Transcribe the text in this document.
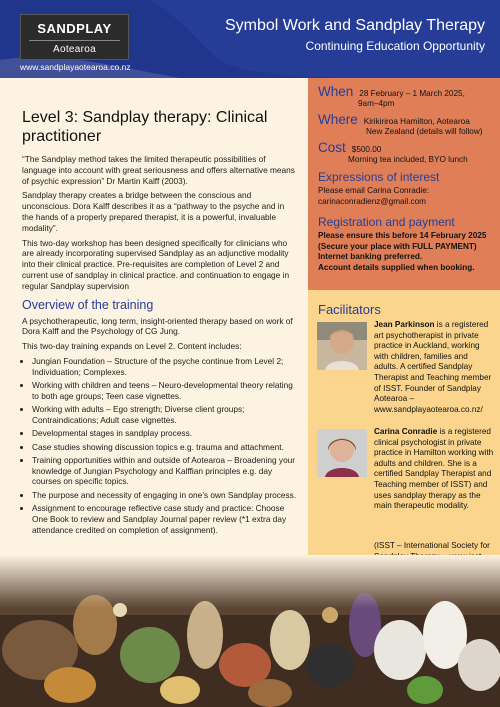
SANDPLAY
Aotearoa
www.sandplayaotearoa.co.nz
Symbol Work and Sandplay Therapy
Continuing Education Opportunity
Level 3: Sandplay therapy: Clinical practitioner

“The Sandplay method takes the limited therapeutic possibilities of language into account with great seriousness and offers alternative means of psychic expression” Dr Martin Kalff (2003).

Sandplay therapy creates a bridge between the conscious and unconscious. Dora Kalff describes it as a “pathway to the psyche and in the hands of a properly prepared therapist, it is a powerful, invaluable modality”.

This two-day workshop has been designed specifically for clinicians who are already incorporating supervised Sandplay as an adjunctive modality into their clinical practice. Pre-requisites are completion of Level 2 and current use of sandplay in clinical practice. and continuation to engage in regular Sandplay supervision

Overview of the training

A psychotherapeutic, long term, insight-oriented therapy based on work of Dora Kalff and the Psychology of CG Jung.

This two-day training expands on Level 2. Content includes:

• Jungian Foundation – Structure of the psyche continue from Level 2; Individuation; Complexes.
• Working with children and teens – Neuro-developmental theory relating to both age groups; Teen case vignettes.
• Working with adults – Ego strength; Diverse client groups; Contraindications; Adult case vignettes.
• Developmental stages in sandplay process.
• Case studies showing discussion topics e.g. trauma and attachment.
• Training opportunities within and outside of Aotearoa – Broadening your knowledge of Jungian Psychology and Kalffian principles e.g. day courses on specific topics.
• The purpose and necessity of engaging in one’s own Sandplay process.
• Assignment to encourage reflective case study and practice: Choose One Book to review and Sandplay Journal paper review (*1 extra day attendance credited on completion of assignment).
When 28 February – 1 March 2025,
9am–4pm
Where Kirikiriroa Hamilton, Aotearoa
New Zealand (details will follow)
Cost $500.00
Morning tea included, BYO lunch
Expressions of interest
Please email Carina Conradie:
carinaconradienz@gmail.com
Registration and payment
Please ensure this before 14 February 2025
(Secure your place with FULL PAYMENT)
Internet banking preferred.
Account details supplied when booking.
Facilitators
Jean Parkinson is a registered art psychotherapist in private practice in Auckland, working with children, families and adults. A certified Sandplay Therapist and Teaching member of ISST. Founder of Sandplay Aotearoa – www.sandplayaotearoa.co.nz/
Carina Conradie is a registered clinical psychologist in private practice in Hamilton working with adults and children. She is a certified Sandplay Therapist and Teaching member of ISST) and uses sandplay therapy as the main therapeutic modality.
(ISST – International Society for
